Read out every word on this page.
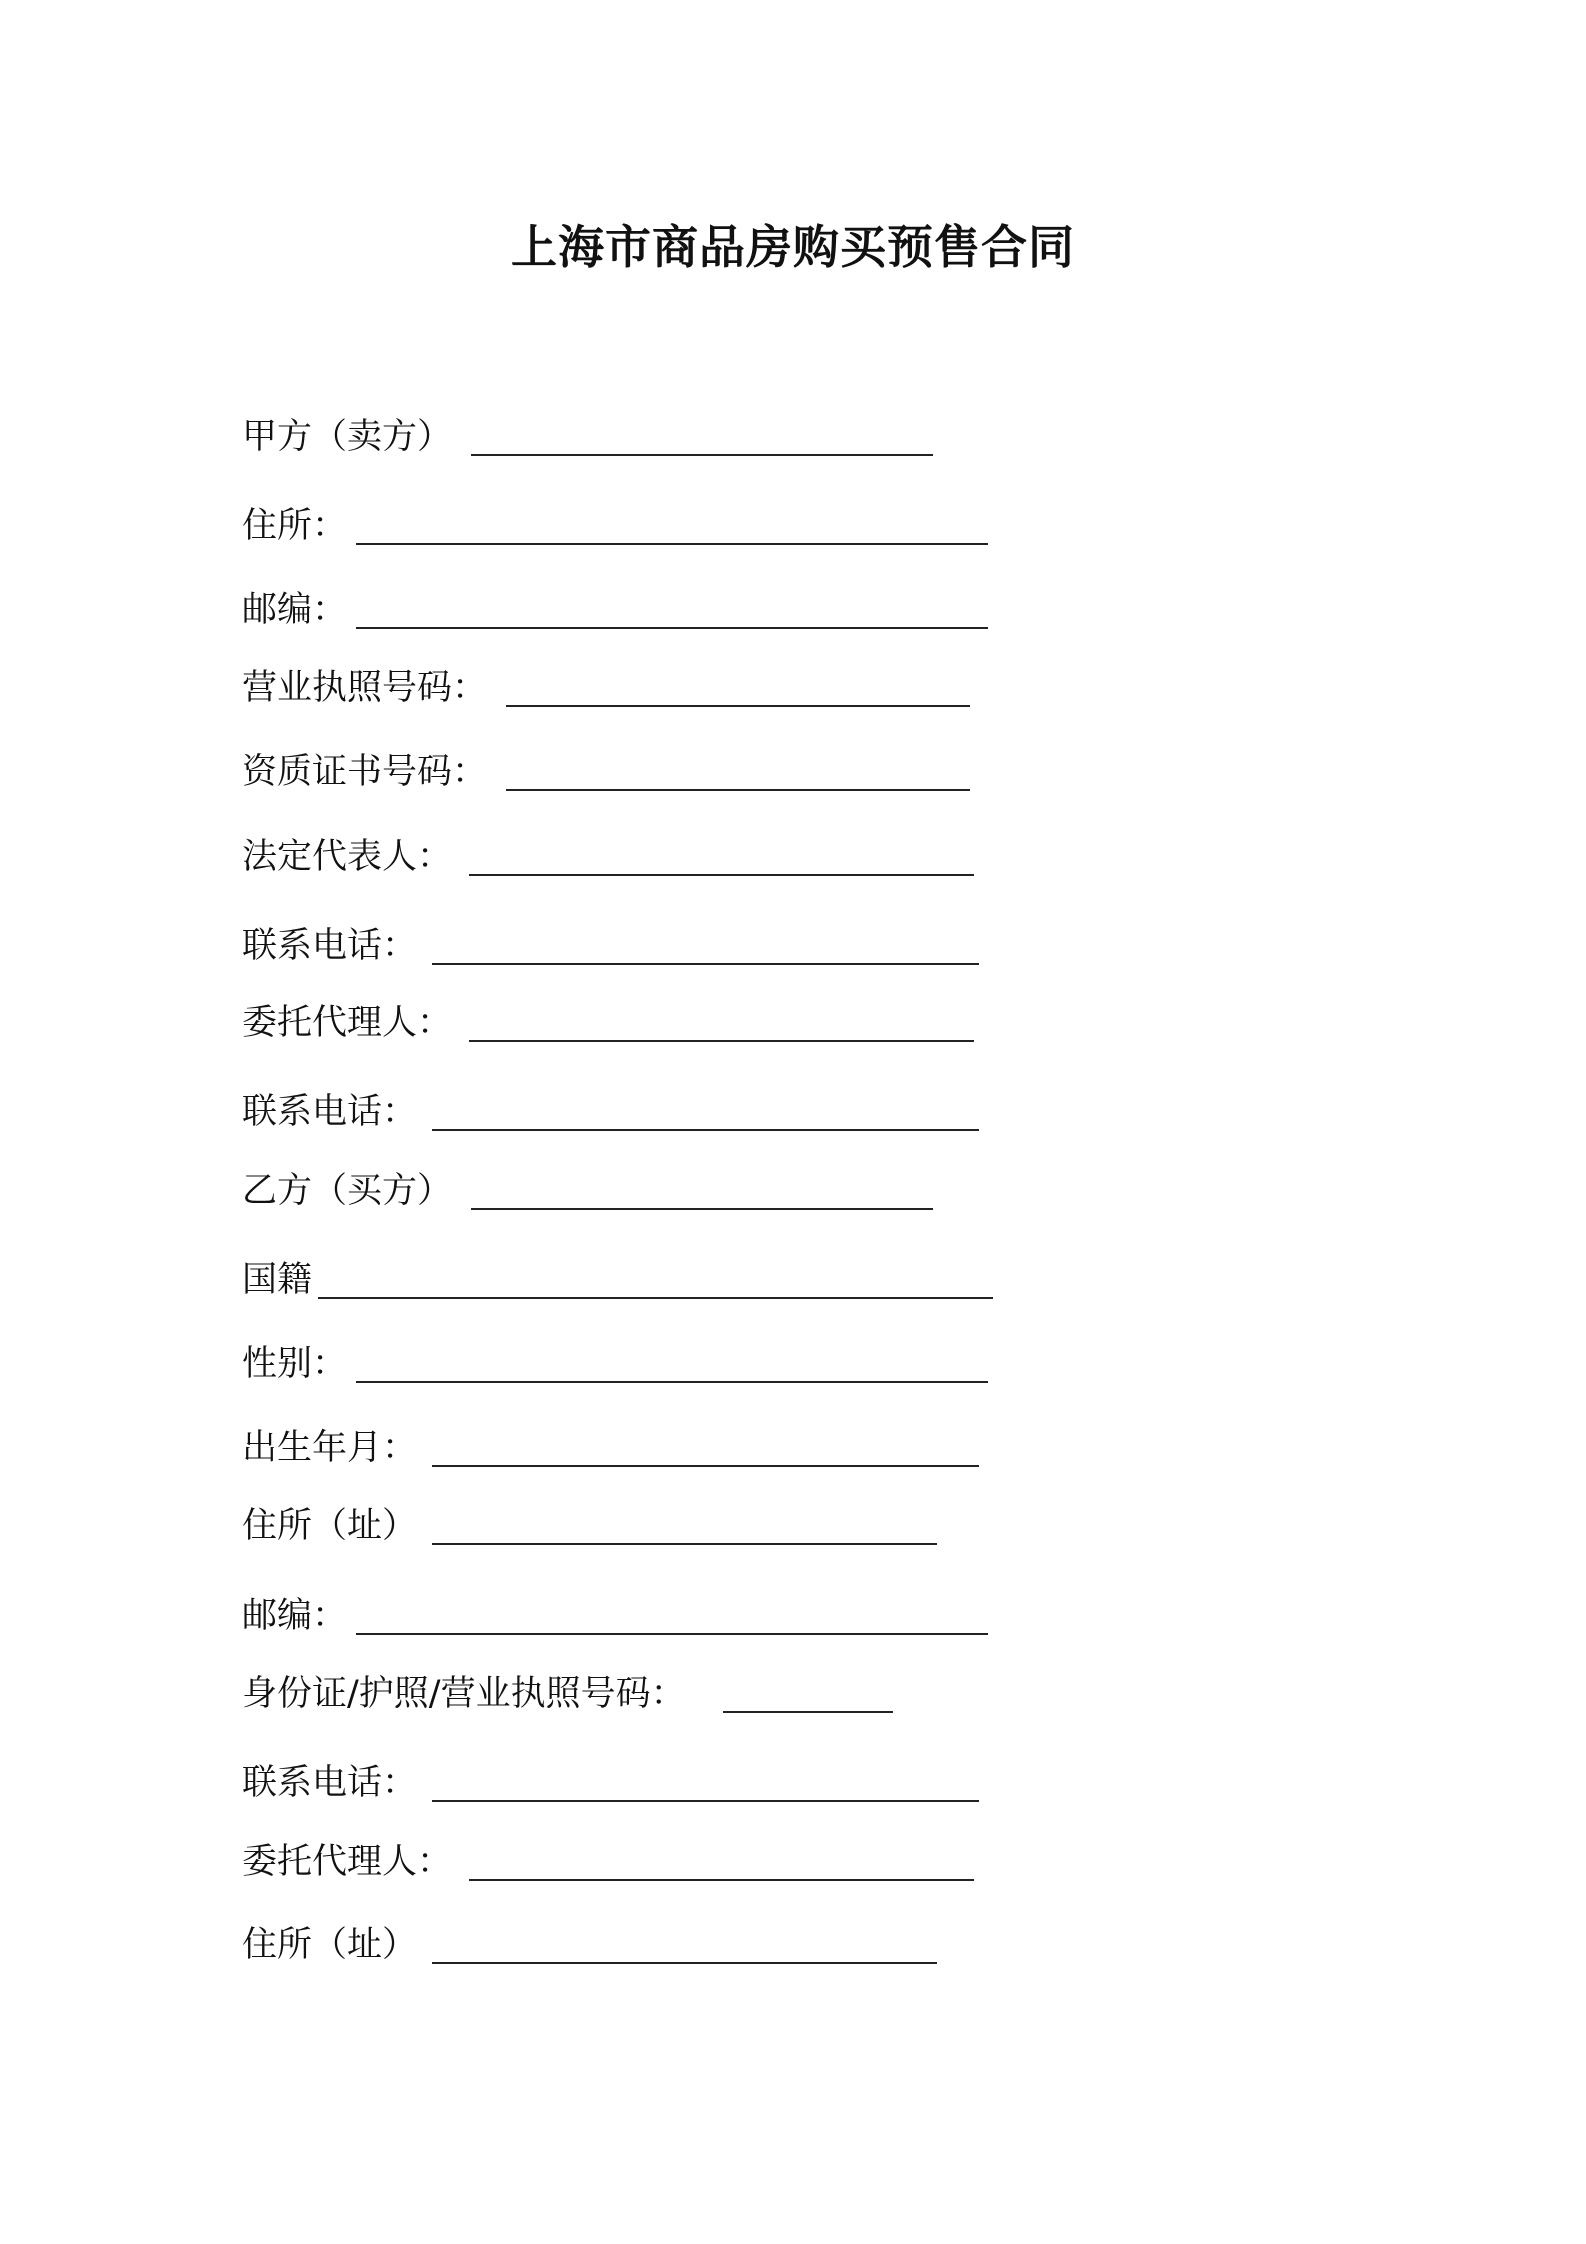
上海市商品房购买预售合同
甲方（卖方）
住所：
邮编：
营业执照号码：
资质证书号码：
法定代表人：
联系电话：
委托代理人：
联系电话：
乙方（买方）
国籍
性别：
出生年月：
住所（址）
邮编：
身份证/护照/营业执照号码：
联系电话：
委托代理人：
住所（址）
